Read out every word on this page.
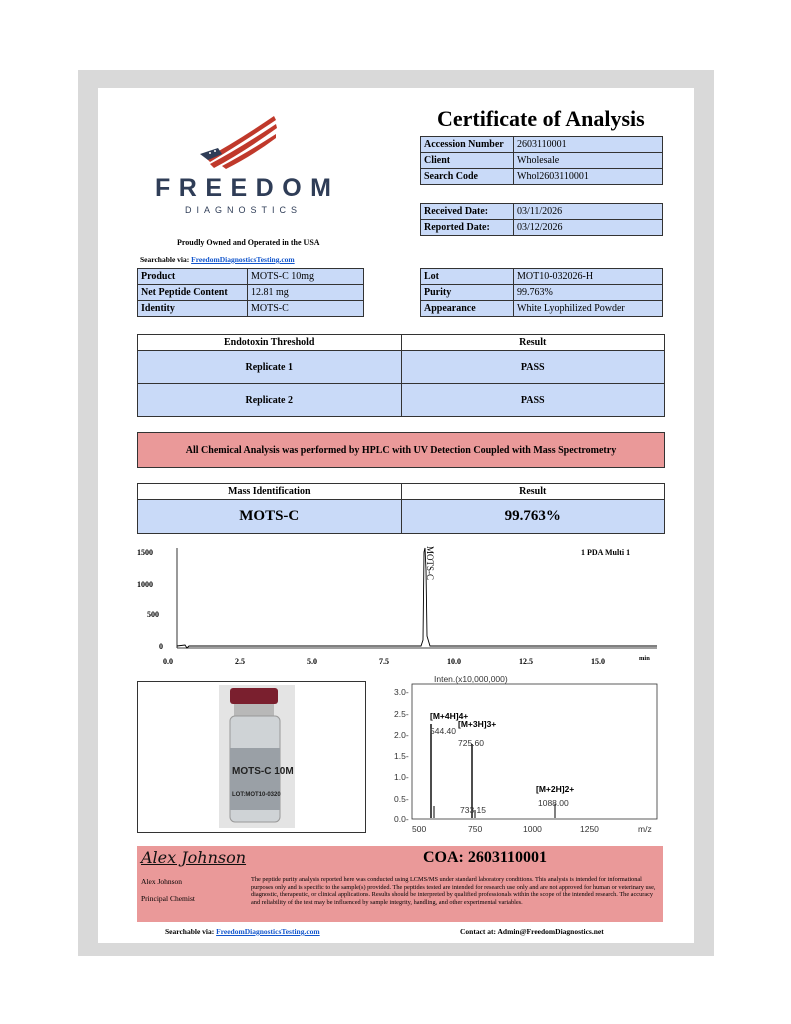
FREEDOM
DIAGNOSTICS
Proudly Owned and Operated in the USA
Searchable via: FreedomDiagnosticsTesting.com
Certificate of Analysis
Accession Number	2603110001
Client	Wholesale
Search Code	Whol2603110001
Received Date:	03/11/2026
Reported Date:	03/12/2026
Product	MOTS-C 10mg
Net Peptide Content	12.81 mg
Identity	MOTS-C
Lot	MOT10-032026-H
Purity	99.763%
Appearance	White Lyophilized Powder
Endotoxin Threshold	Result
Replicate 1	PASS
Replicate 2	PASS
All Chemical Analysis was performed by HPLC with UV Detection Coupled with Mass Spectrometry
Mass Identification	Result
MOTS-C	99.763%
1500
1000
500
0
0.0	2.5	5.0	7.5	10.0	12.5	15.0	min
1 PDA Multi 1
MOTS-C
MOTS-C 10M
LOT:MOT10-0320
Inten.(x10,000,000)
3.0-
2.5-
2.0-
1.5-
1.0-
0.5-
0.0-
500	750	1000	1250	m/z
[M+4H]4+
544.40
[M+3H]3+
725.60
733.15
[M+2H]2+
1088.00
Alex Johnson	COA: 2603110001
Alex Johnson
Principal Chemist
The peptide purity analysis reported here was conducted using LCMS/MS under standard laboratory conditions. This analysis is intended for informational purposes only and is specific to the sample(s) provided. The peptides tested are intended for research use only and are not approved for human or veterinary use, diagnostic, therapeutic, or clinical applications. Results should be interpreted by qualified professionals within the scope of the intended research. The accuracy and reliability of the test may be influenced by sample integrity, handling, and other experimental variables.
Searchable via: FreedomDiagnosticsTesting.com	Contact at: Admin@FreedomDiagnostics.net
